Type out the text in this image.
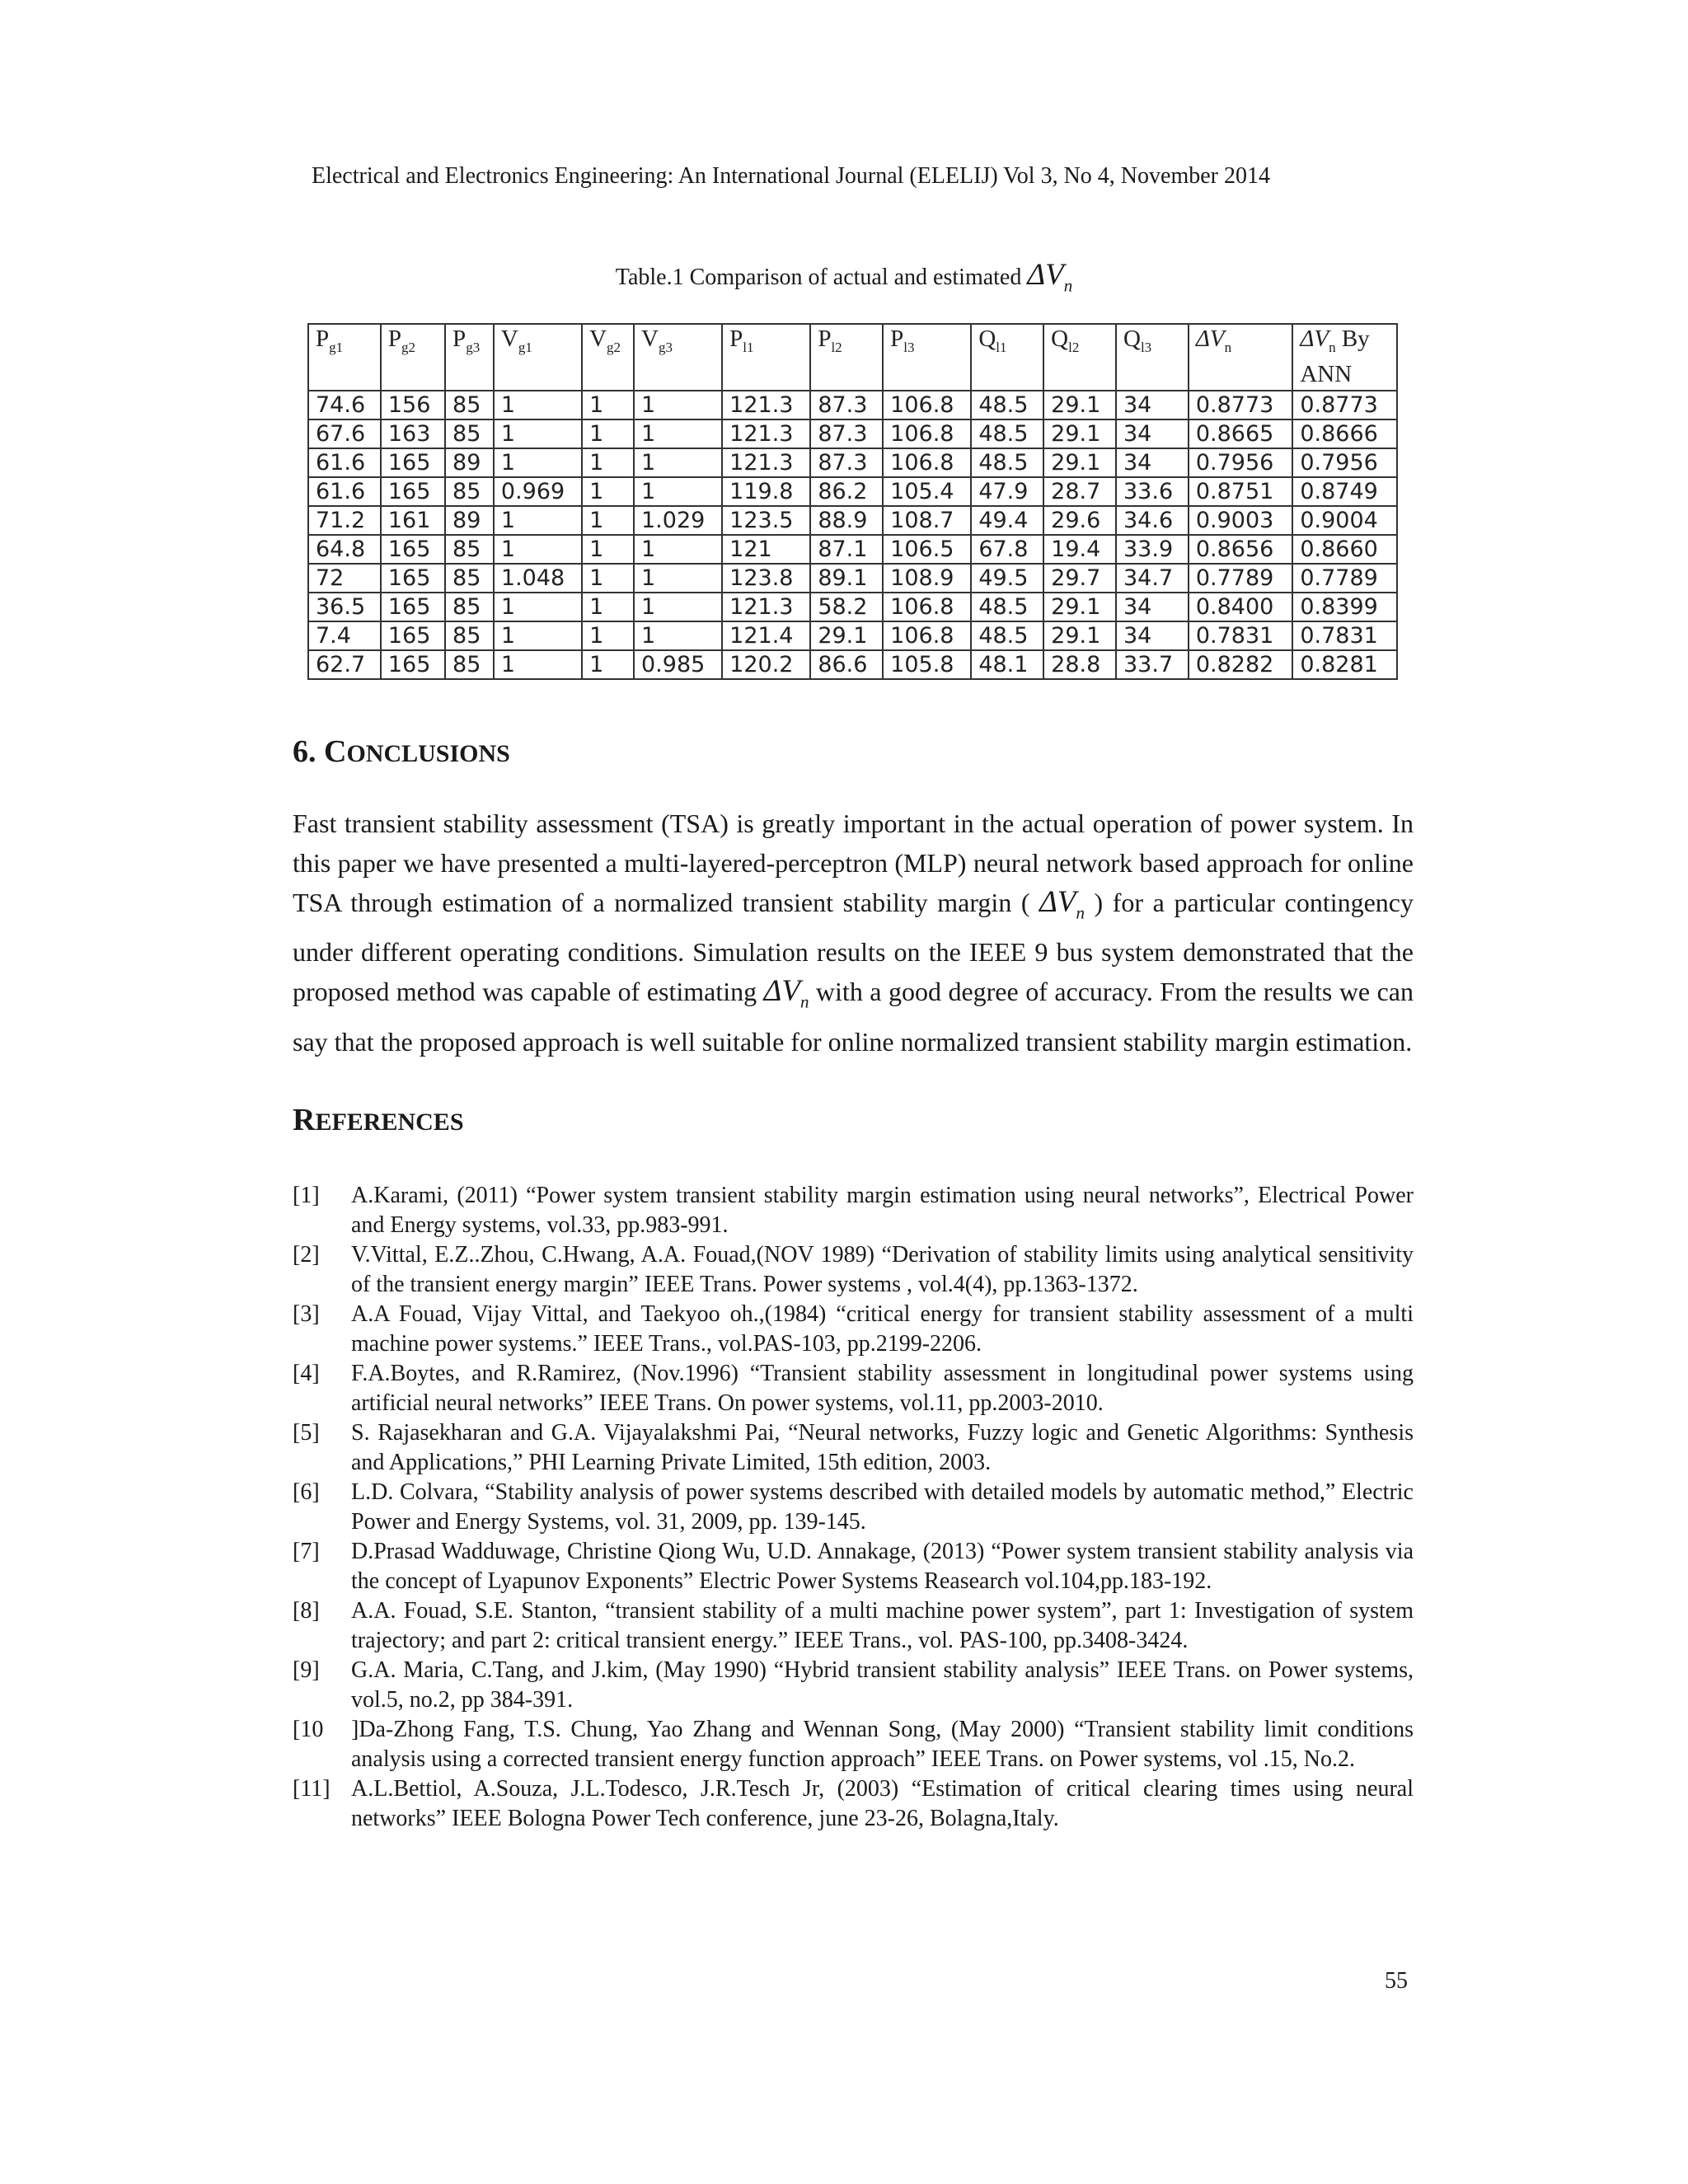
Electrical and Electronics Engineering: An International Journal (ELELIJ) Vol 3, No 4, November 2014
Table.1 Comparison of actual and estimated $\Delta V_n$
$P_{g1}$	$P_{g2}$	$P_{g3}$	$V_{g1}$	$V_{g2}$	$V_{g3}$	$P_{l1}$	$P_{l2}$	$P_{l3}$	$Q_{l1}$	$Q_{l2}$	$Q_{l3}$	$\Delta V_n$	$\Delta V_n$ By
ANN
74.6	156	85	1	1	1	121.3	87.3	106.8	48.5	29.1	34	0.8773	0.8773
67.6	163	85	1	1	1	121.3	87.3	106.8	48.5	29.1	34	0.8665	0.8666
61.6	165	89	1	1	1	121.3	87.3	106.8	48.5	29.1	34	0.7956	0.7956
61.6	165	85	0.969	1	1	119.8	86.2	105.4	47.9	28.7	33.6	0.8751	0.8749
71.2	161	89	1	1	1.029	123.5	88.9	108.7	49.4	29.6	34.6	0.9003	0.9004
64.8	165	85	1	1	1	121	87.1	106.5	67.8	19.4	33.9	0.8656	0.8660
72	165	85	1.048	1	1	123.8	89.1	108.9	49.5	29.7	34.7	0.7789	0.7789
36.5	165	85	1	1	1	121.3	58.2	106.8	48.5	29.1	34	0.8400	0.8399
7.4	165	85	1	1	1	121.4	29.1	106.8	48.5	29.1	34	0.7831	0.7831
62.7	165	85	1	1	0.985	120.2	86.6	105.8	48.1	28.8	33.7	0.8282	0.8281
6. CONCLUSIONS
Fast transient stability assessment (TSA) is greatly important in the actual operation of power system. In this paper we have presented a multi-layered-perceptron (MLP) neural network based approach for online TSA through estimation of a normalized transient stability margin ( $\Delta V_n$ ) for a particular contingency under different operating conditions. Simulation results on the IEEE 9 bus system demonstrated that the proposed method was capable of estimating $\Delta V_n$ with a good degree of accuracy. From the results we can say that the proposed approach is well suitable for online normalized transient stability margin estimation.
REFERENCES
[1] A.Karami, (2011) “Power system transient stability margin estimation using neural networks”, Electrical Power and Energy systems, vol.33, pp.983-991.
[2] V.Vittal, E.Z..Zhou, C.Hwang, A.A. Fouad,(NOV 1989) “Derivation of stability limits using analytical sensitivity of the transient energy margin” IEEE Trans. Power systems , vol.4(4), pp.1363-1372.
[3] A.A Fouad, Vijay Vittal, and Taekyoo oh.,(1984) “critical energy for transient stability assessment of a multi machine power systems.” IEEE Trans., vol.PAS-103, pp.2199-2206.
[4] F.A.Boytes, and R.Ramirez, (Nov.1996) “Transient stability assessment in longitudinal power systems using artificial neural networks” IEEE Trans. On power systems, vol.11, pp.2003-2010.
[5] S. Rajasekharan and G.A. Vijayalakshmi Pai, “Neural networks, Fuzzy logic and Genetic Algorithms: Synthesis and Applications,” PHI Learning Private Limited, 15th edition, 2003.
[6] L.D. Colvara, “Stability analysis of power systems described with detailed models by automatic method,” Electric Power and Energy Systems, vol. 31, 2009, pp. 139-145.
[7] D.Prasad Wadduwage, Christine Qiong Wu, U.D. Annakage, (2013) “Power system transient stability analysis via the concept of Lyapunov Exponents” Electric Power Systems Reasearch vol.104,pp.183-192.
[8] A.A. Fouad, S.E. Stanton, “transient stability of a multi machine power system”, part 1: Investigation of system trajectory; and part 2: critical transient energy.” IEEE Trans., vol. PAS-100, pp.3408-3424.
[9] G.A. Maria, C.Tang, and J.kim, (May 1990) “Hybrid transient stability analysis” IEEE Trans. on Power systems, vol.5, no.2, pp 384-391.
[10 ]Da-Zhong Fang, T.S. Chung, Yao Zhang and Wennan Song, (May 2000) “Transient stability limit conditions analysis using a corrected transient energy function approach” IEEE Trans. on Power systems, vol .15, No.2.
[11] A.L.Bettiol, A.Souza, J.L.Todesco, J.R.Tesch Jr, (2003) “Estimation of critical clearing times using neural networks” IEEE Bologna Power Tech conference, june 23-26, Bolagna,Italy.
55
